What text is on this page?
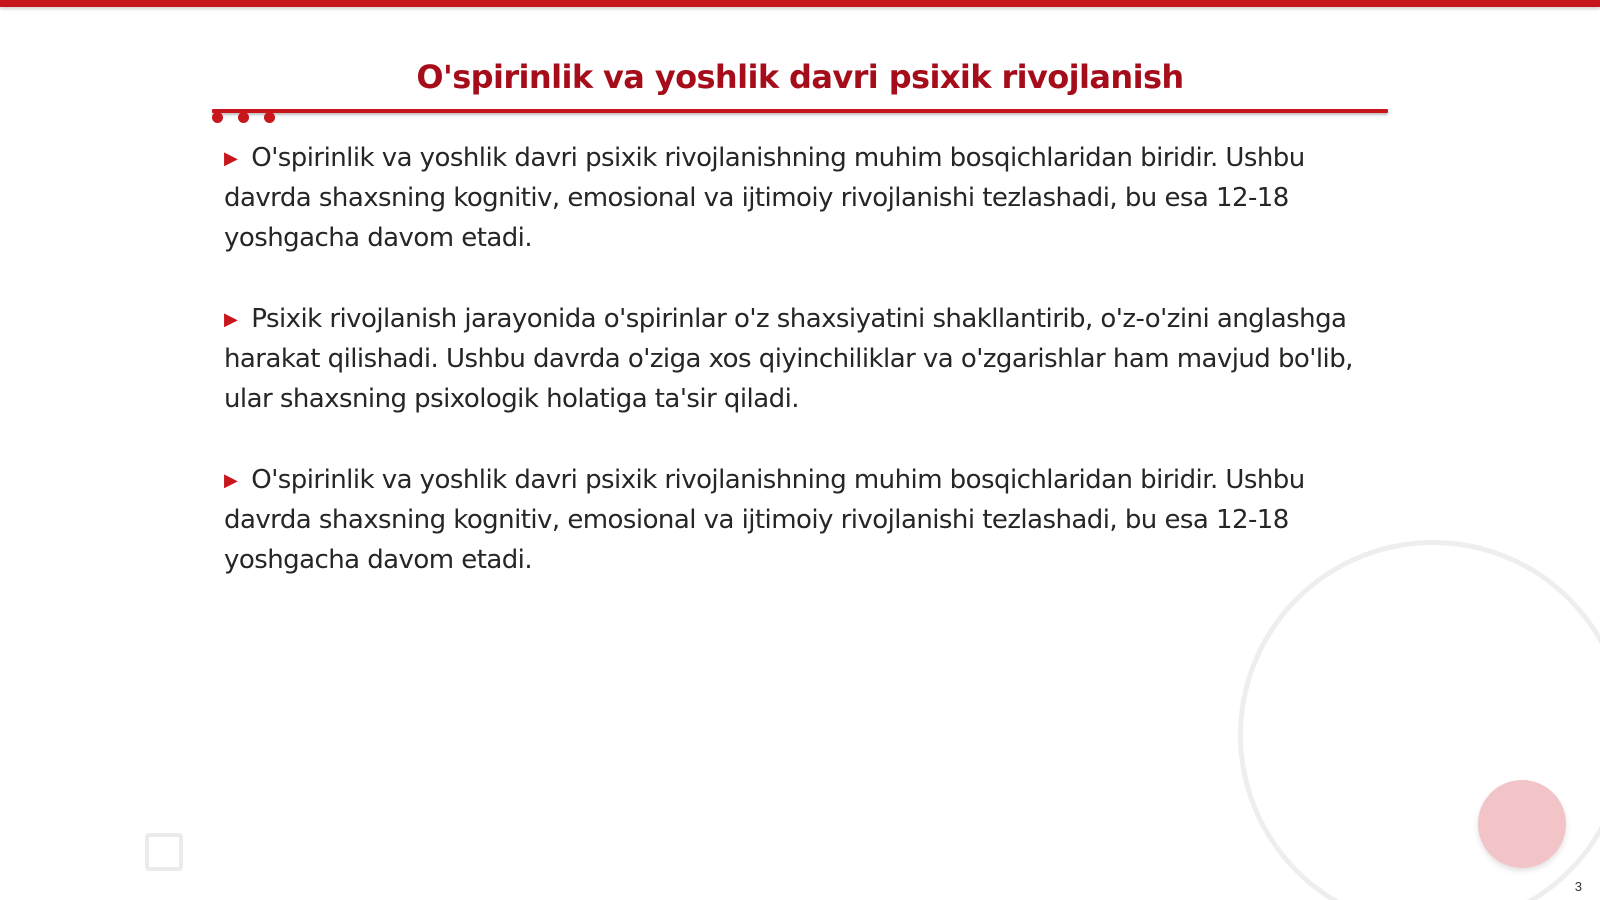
O'spirinlik va yoshlik davri psixik rivojlanish

▶ O'spirinlik va yoshlik davri psixik rivojlanishning muhim bosqichlaridan biridir. Ushbu davrda shaxsning kognitiv, emosional va ijtimoiy rivojlanishi tezlashadi, bu esa 12-18 yoshgacha davom etadi.

▶ Psixik rivojlanish jarayonida o'spirinlar o'z shaxsiyatini shakllantirib, o'z-o'zini anglashga harakat qilishadi. Ushbu davrda o'ziga xos qiyinchiliklar va o'zgarishlar ham mavjud bo'lib, ular shaxsning psixologik holatiga ta'sir qiladi.

▶ O'spirinlik va yoshlik davri psixik rivojlanishning muhim bosqichlaridan biridir. Ushbu davrda shaxsning kognitiv, emosional va ijtimoiy rivojlanishi tezlashadi, bu esa 12-18 yoshgacha davom etadi.

3
